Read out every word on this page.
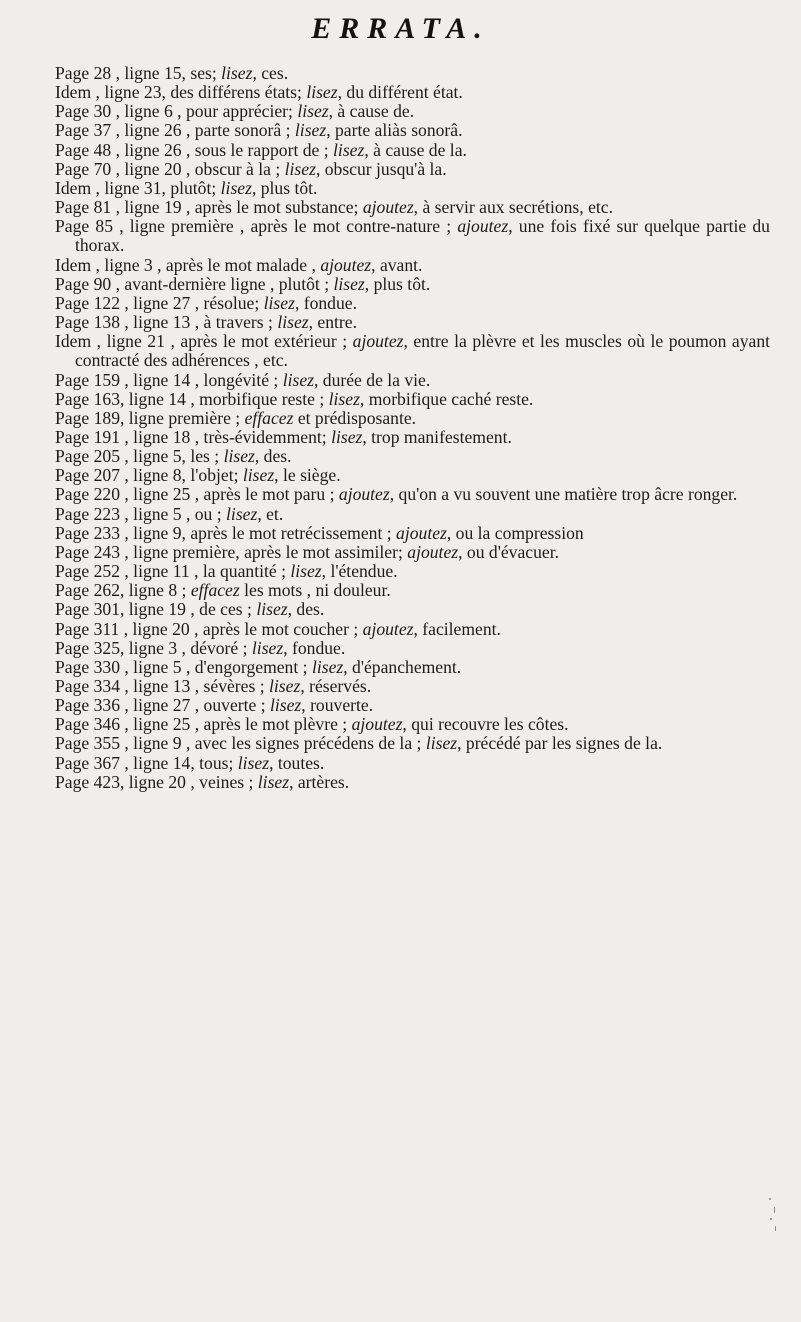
ERRATA.

Page 28 , ligne 15, ses; lisez, ces.

Idem , ligne 23, des différens états; lisez, du différent état.

Page 30 , ligne 6 , pour apprécier; lisez, à cause de.

Page 37 , ligne 26 , parte sonorâ ; lisez, parte aliàs sonorâ.

Page 48 , ligne 26 , sous le rapport de ; lisez, à cause de la.

Page 70 , ligne 20 , obscur à la ; lisez, obscur jusqu'à la.

Idem , ligne 31, plutôt; lisez, plus tôt.

Page 81 , ligne 19 , après le mot substance; ajoutez, à servir aux secrétions, etc.

Page 85 , ligne première , après le mot contre-nature ; ajoutez, une fois fixé sur quelque partie du thorax.

Idem , ligne 3 , après le mot malade , ajoutez, avant.

Page 90 , avant-dernière ligne , plutôt ; lisez, plus tôt.

Page 122 , ligne 27 , résolue; lisez, fondue.

Page 138 , ligne 13 , à travers ; lisez, entre.

Idem , ligne 21 , après le mot extérieur ; ajoutez, entre la plèvre et les muscles où le poumon ayant contracté des adhérences , etc.

Page 159 , ligne 14 , longévité ; lisez, durée de la vie.

Page 163, ligne 14 , morbifique reste ; lisez, morbifique caché reste.

Page 189, ligne première ; effacez et prédisposante.

Page 191 , ligne 18 , très-évidemment; lisez, trop manifestement.

Page 205 , ligne 5, les ; lisez, des.

Page 207 , ligne 8, l'objet; lisez, le siège.

Page 220 , ligne 25 , après le mot paru ; ajoutez, qu'on a vu souvent une matière trop âcre ronger.

Page 223 , ligne 5 , ou ; lisez, et.

Page 233 , ligne 9, après le mot retrécissement ; ajoutez, ou la compression

Page 243 , ligne première, après le mot assimiler; ajoutez, ou d'évacuer.

Page 252 , ligne 11 , la quantité ; lisez, l'étendue.

Page 262, ligne 8 ; effacez les mots , ni douleur.

Page 301, ligne 19 , de ces ; lisez, des.

Page 311 , ligne 20 , après le mot coucher ; ajoutez, facilement.

Page 325, ligne 3 , dévoré ; lisez, fondue.

Page 330 , ligne 5 , d'engorgement ; lisez, d'épanchement.

Page 334 , ligne 13 , sévères ; lisez, réservés.

Page 336 , ligne 27 , ouverte ; lisez, rouverte.

Page 346 , ligne 25 , après le mot plèvre ; ajoutez, qui recouvre les côtes.

Page 355 , ligne 9 , avec les signes précédens de la ; lisez, précédé par les signes de la.

Page 367 , ligne 14, tous; lisez, toutes.

Page 423, ligne 20 , veines ; lisez, artères.
